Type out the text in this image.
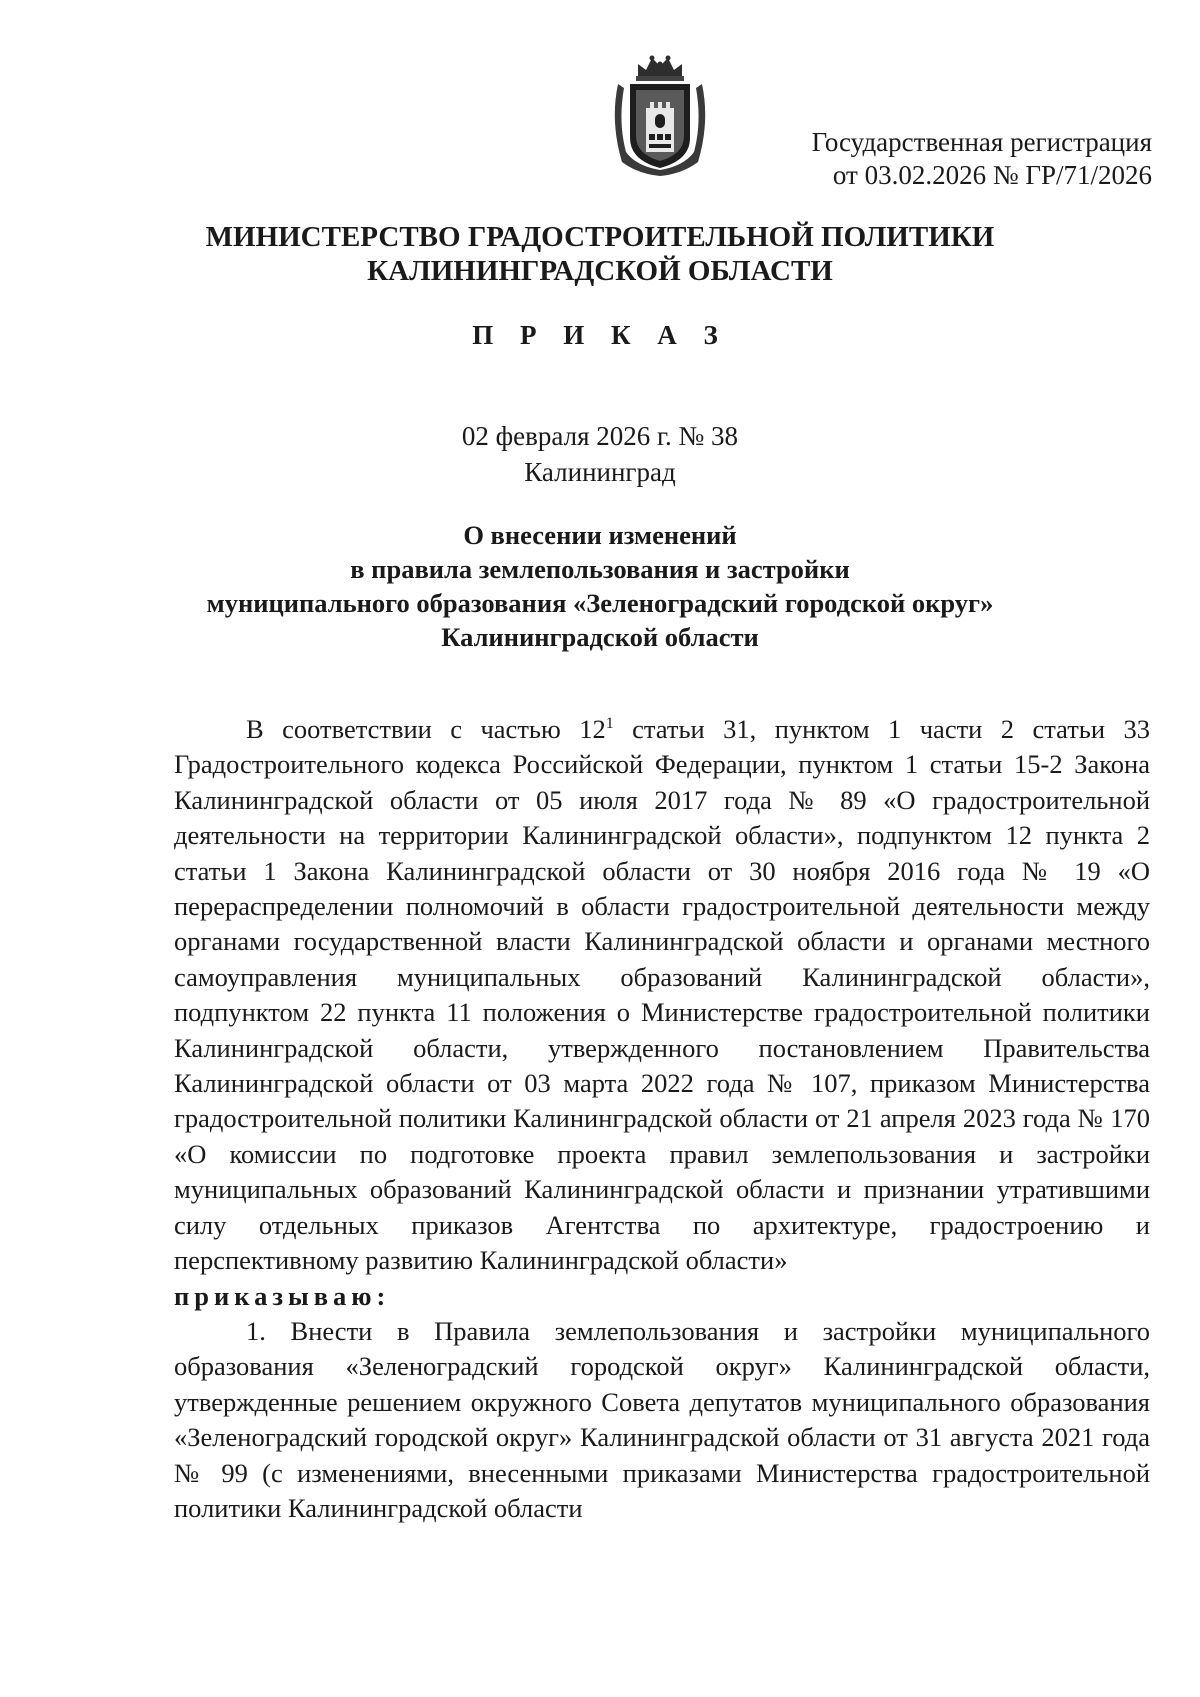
Государственная регистрация
от 03.02.2026 № ГР/71/2026
МИНИСТЕРСТВО ГРАДОСТРОИТЕЛЬНОЙ ПОЛИТИКИ
КАЛИНИНГРАДСКОЙ ОБЛАСТИ
П Р И К А З
02 февраля 2026 г. № 38
Калининград
О внесении изменений
в правила землепользования и застройки
муниципального образования «Зеленоградский городской округ»
Калининградской области

В соответствии с частью $12^1$ статьи 31, пунктом 1 части 2 статьи 33 Градостроительного кодекса Российской Федерации, пунктом 1 статьи 15-2 Закона Калининградской области от 05 июля 2017 года № 89 «О градостроительной деятельности на территории Калининградской области», подпунктом 12 пункта 2 статьи 1 Закона Калининградской области от 30 ноября 2016 года № 19 «О перераспределении полномочий в области градостроительной деятельности между органами государственной власти Калининградской области и органами местного самоуправления муниципальных образований Калининградской области», подпунктом 22 пункта 11 положения о Министерстве градостроительной политики Калининградской области, утвержденного постановлением Правительства Калининградской области от 03 марта 2022 года № 107, приказом Министерства градостроительной политики Калининградской области от 21 апреля 2023 года № 170 «О комиссии по подготовке проекта правил землепользования и застройки муниципальных образований Калининградской области и признании утратившими силу отдельных приказов Агентства по архитектуре, градостроению и перспективному развитию Калининградской области»

приказываю:

1. Внести в Правила землепользования и застройки муниципального образования «Зеленоградский городской округ» Калининградской области, утвержденные решением окружного Совета депутатов муниципального образования «Зеленоградский городской округ» Калининградской области от 31 августа 2021 года № 99 (с изменениями, внесенными приказами Министерства градостроительной политики Калининградской области
